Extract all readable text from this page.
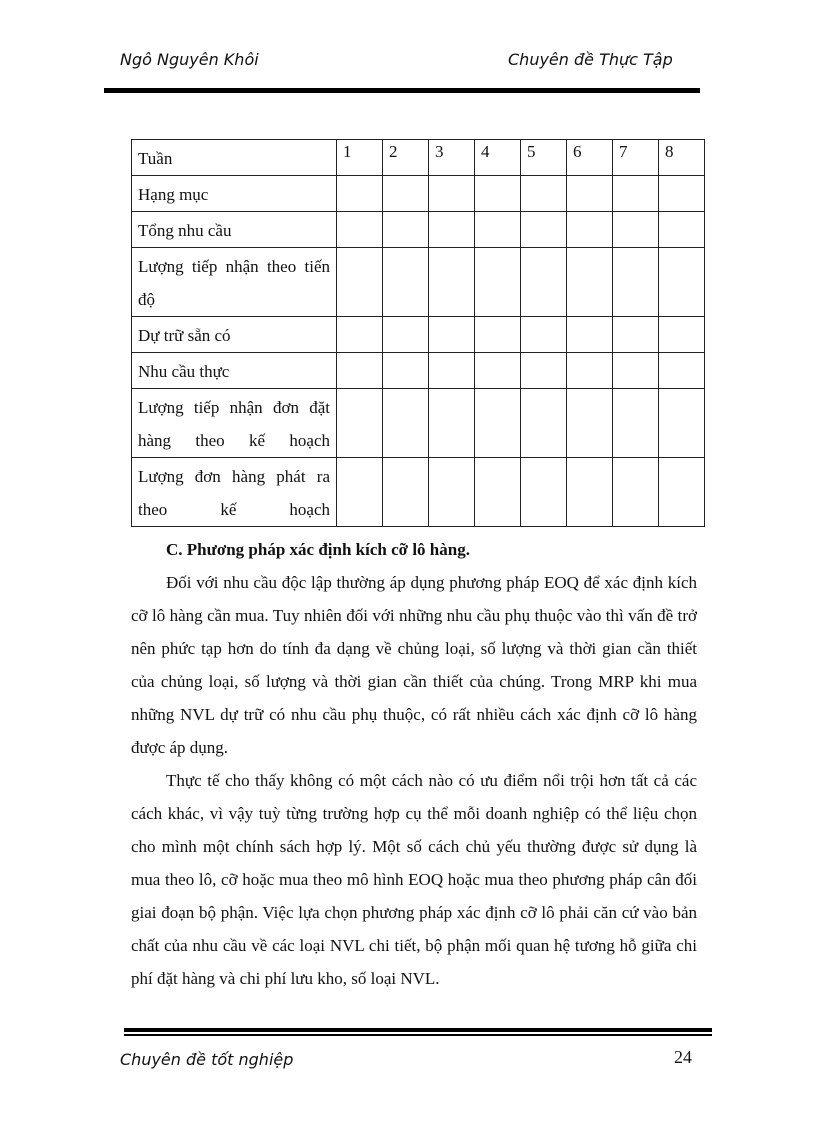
Ngô Nguyên Khôi	Chuyên đề Thực Tập
Tuần	1	2	3	4	5	6	7	8
Hạng mục								
Tổng nhu cầu								

Lượng tiếp nhận theo tiến độ								

Dự trữ sẵn có								
Nhu cầu thực								

Lượng tiếp nhận đơn đặt hàng theo kế hoạch								

Lượng đơn hàng phát ra theo kế hoạch								

C. Phương pháp xác định kích cỡ lô hàng.

Đối với nhu cầu độc lập thường áp dụng phương pháp EOQ để xác định kích cỡ lô hàng cần mua. Tuy nhiên đối với những nhu cầu phụ thuộc vào thì vấn đề trở nên phức tạp hơn do tính đa dạng về chủng loại, số lượng và thời gian cần thiết của chủng loại, số lượng và thời gian cần thiết của chúng. Trong MRP khi mua những NVL dự trữ có nhu cầu phụ thuộc, có rất nhiều cách xác định cỡ lô hàng được áp dụng.

Thực tế cho thấy không có một cách nào có ưu điểm nổi trội hơn tất cả các cách khác, vì vậy tuỳ từng trường hợp cụ thể mỗi doanh nghiệp có thể liệu chọn cho mình một chính sách hợp lý. Một số cách chủ yếu thường được sử dụng là mua theo lô, cỡ hoặc mua theo mô hình EOQ hoặc mua theo phương pháp cân đối giai đoạn bộ phận. Việc lựa chọn phương pháp xác định cỡ lô phải căn cứ vào bản chất của nhu cầu về các loại NVL chi tiết, bộ phận mối quan hệ tương hỗ giữa chi phí đặt hàng và chi phí lưu kho, số loại NVL.

Chuyên đề tốt nghiệp	24
